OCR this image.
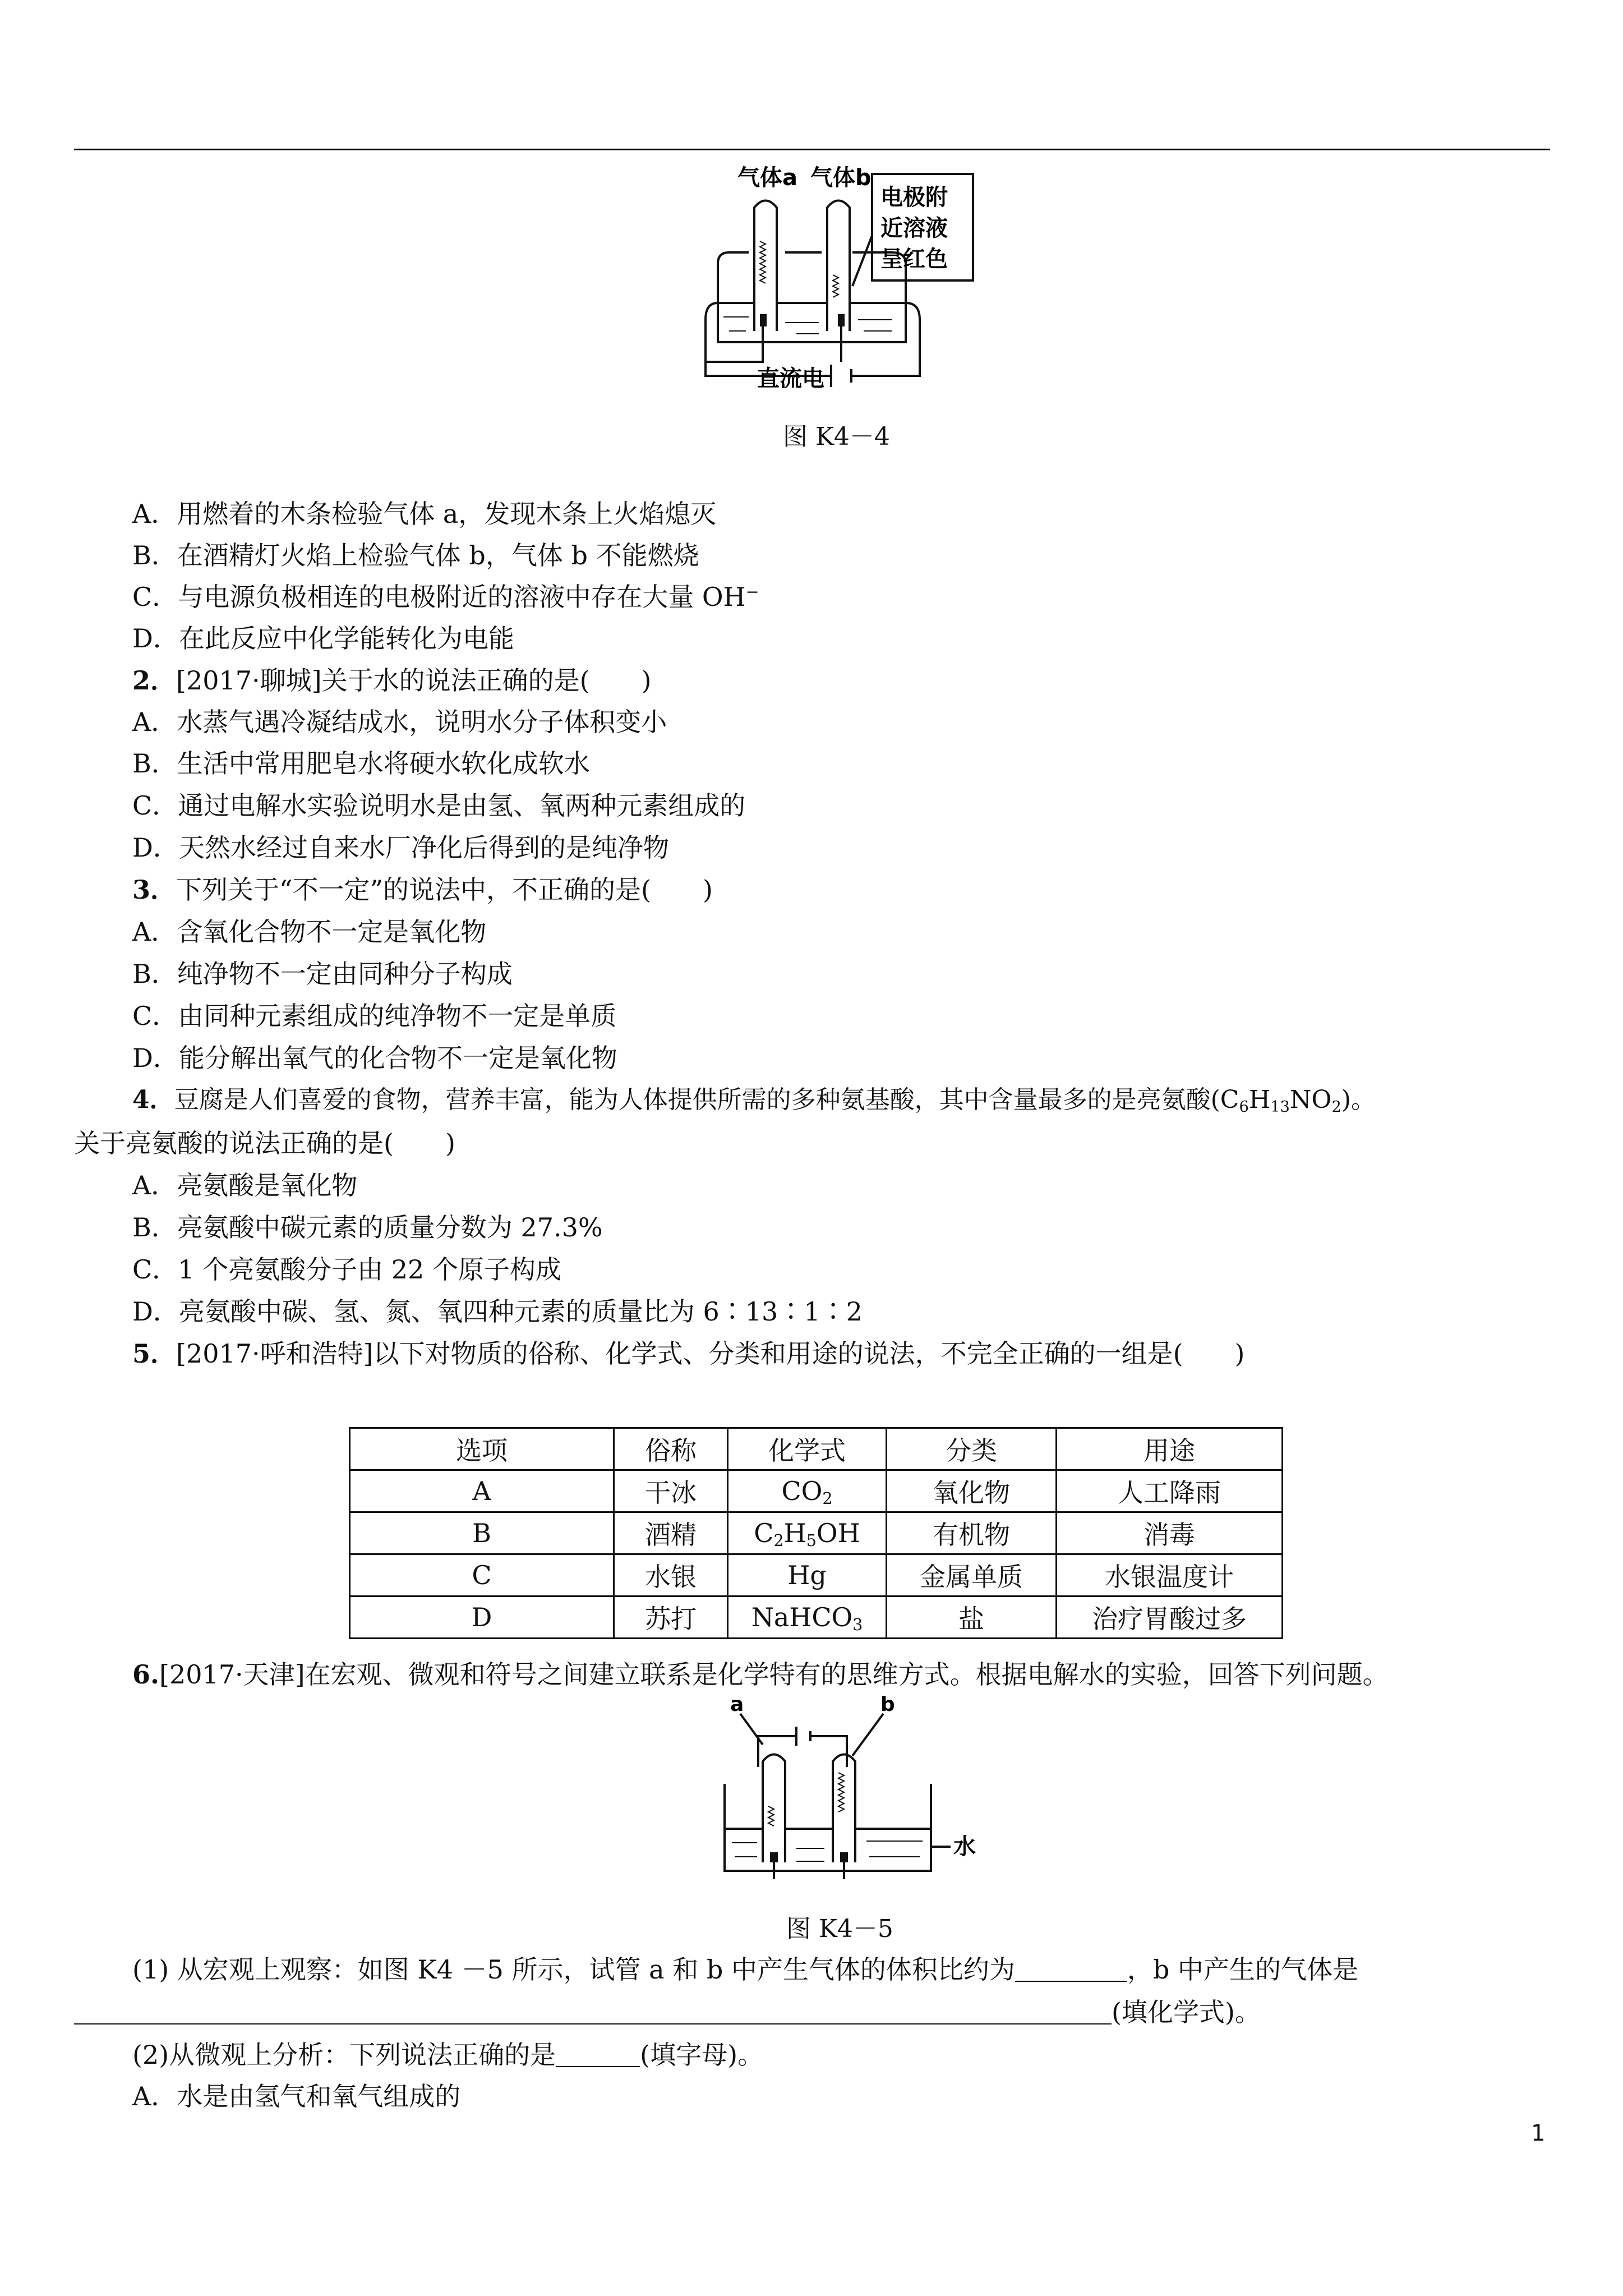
气体a 气体b
电极附
近溶液
呈红色
直流电
图 K4－4
A．用燃着的木条检验气体 a，发现木条上火焰熄灭
B．在酒精灯火焰上检验气体 b，气体 b 不能燃烧
C．与电源负极相连的电极附近的溶液中存在大量 OH−
D．在此反应中化学能转化为电能
2．[2017·聊城]关于水的说法正确的是(　　)
A．水蒸气遇冷凝结成水，说明水分子体积变小
B．生活中常用肥皂水将硬水软化成软水
C．通过电解水实验说明水是由氢、氧两种元素组成的
D．天然水经过自来水厂净化后得到的是纯净物
3．下列关于“不一定”的说法中，不正确的是(　　)
A．含氧化合物不一定是氧化物
B．纯净物不一定由同种分子构成
C．由同种元素组成的纯净物不一定是单质
D．能分解出氧气的化合物不一定是氧化物
4．豆腐是人们喜爱的食物，营养丰富，能为人体提供所需的多种氨基酸，其中含量最多的是亮氨酸$(C_6H_{13}NO_2)$。
关于亮氨酸的说法正确的是(　　)
A．亮氨酸是氧化物
B．亮氨酸中碳元素的质量分数为 27.3%
C．1 个亮氨酸分子由 22 个原子构成
D．亮氨酸中碳、氢、氮、氧四种元素的质量比为 6∶13∶1∶2
5．[2017·呼和浩特]以下对物质的俗称、化学式、分类和用途的说法，不完全正确的一组是(　　)
选项	俗称	化学式	分类	用途
A	干冰	$CO_2$	氧化物	人工降雨
B	酒精	$C_2H_5OH$	有机物	消毒
C	水银	Hg	金属单质	水银温度计
D	苏打	NaHCO$_3$	盐	治疗胃酸过多
6.[2017·天津]在宏观、微观和符号之间建立联系是化学特有的思维方式。根据电解水的实验，回答下列问题。
a	b
水
图 K4－5
(1) 从宏观上观察：如图 K4 －5 所示，试管 a 和 b 中产生气体的体积比约为	，b 中产生的气体是
(填化学式)。
(2)从微观上分析：下列说法正确的是	(填字母)。
A．水是由氢气和氧气组成的
1
